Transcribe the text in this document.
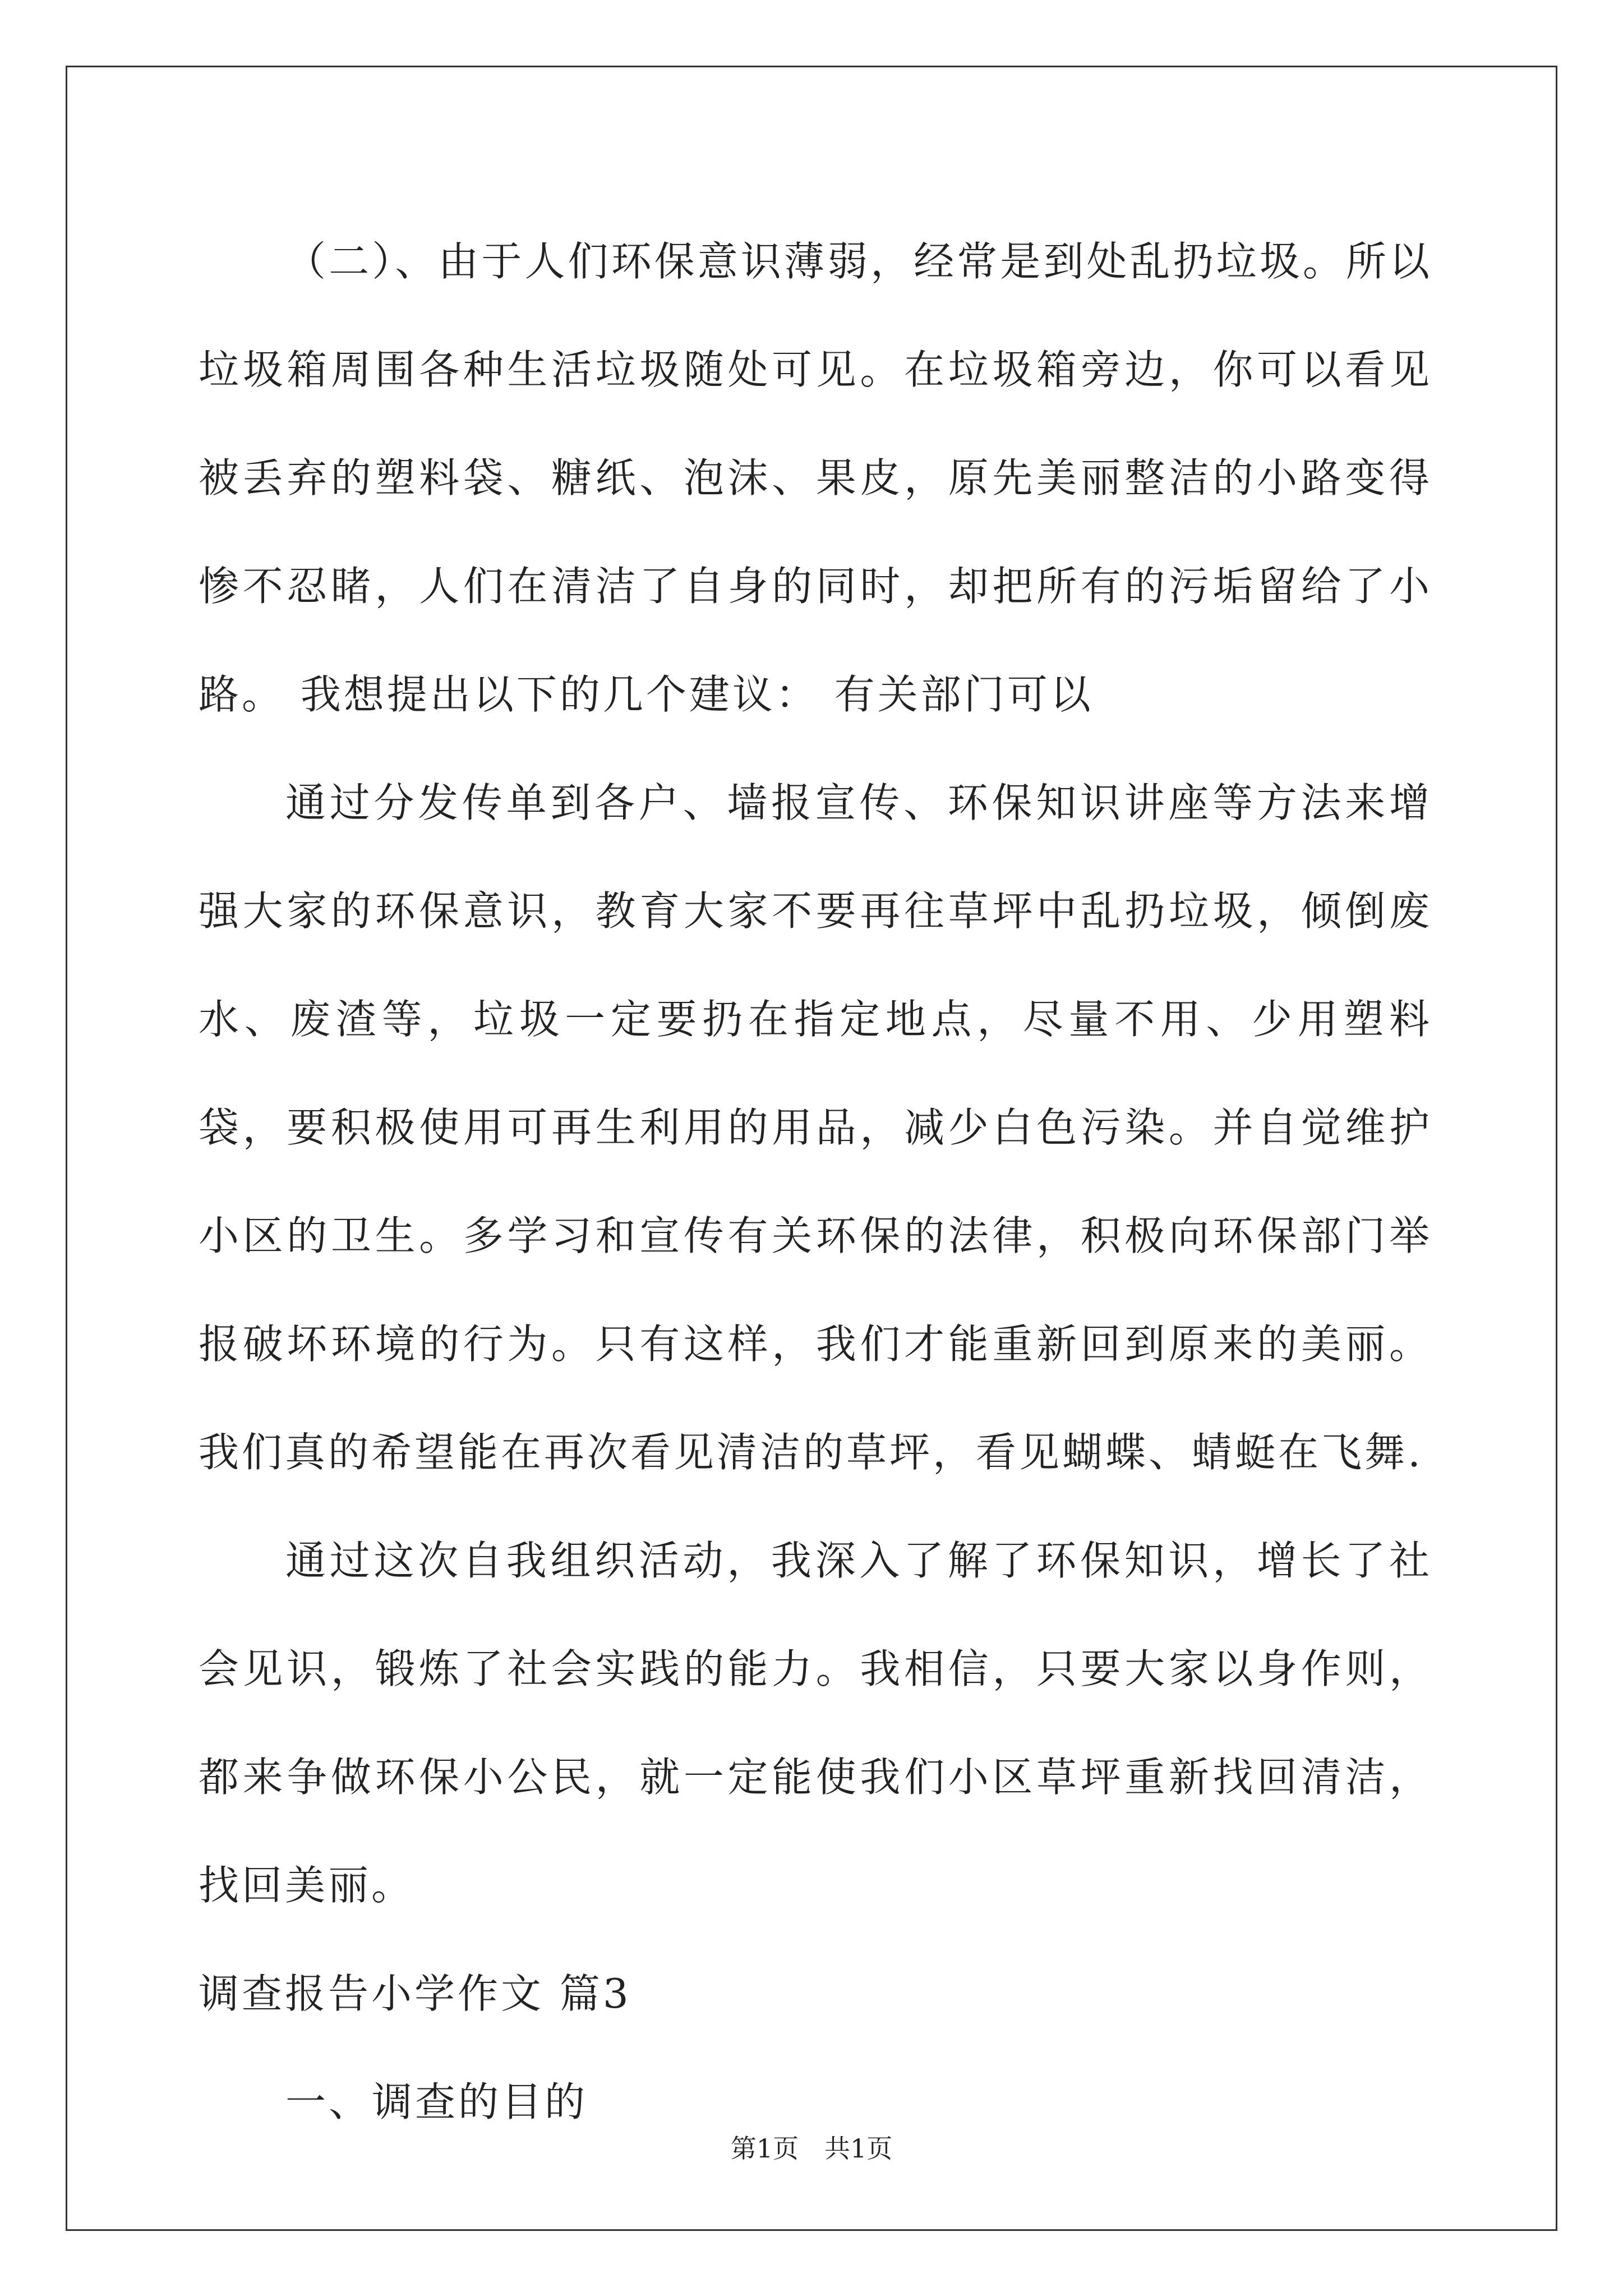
（二）、由于人们环保意识薄弱，经常是到处乱扔垃圾。所以垃圾箱周围各种生活垃圾随处可见。在垃圾箱旁边，你可以看见被丢弃的塑料袋、糖纸、泡沫、果皮，原先美丽整洁的小路变得惨不忍睹，人们在清洁了自身的同时，却把所有的污垢留给了小路。 我想提出以下的几个建议： 有关部门可以

通过分发传单到各户、墙报宣传、环保知识讲座等方法来增强大家的环保意识，教育大家不要再往草坪中乱扔垃圾，倾倒废水、废渣等，垃圾一定要扔在指定地点，尽量不用、少用塑料袋，要积极使用可再生利用的用品，减少白色污染。并自觉维护小区的卫生。多学习和宣传有关环保的法律，积极向环保部门举报破坏环境的行为。只有这样，我们才能重新回到原来的美丽。我们真的希望能在再次看见清洁的草坪，看见蝴蝶、蜻蜓在飞舞.

通过这次自我组织活动，我深入了解了环保知识，增长了社会见识，锻炼了社会实践的能力。我相信，只要大家以身作则，都来争做环保小公民，就一定能使我们小区草坪重新找回清洁，找回美丽。

调查报告小学作文 篇3

一、调查的目的

第1页　共1页
